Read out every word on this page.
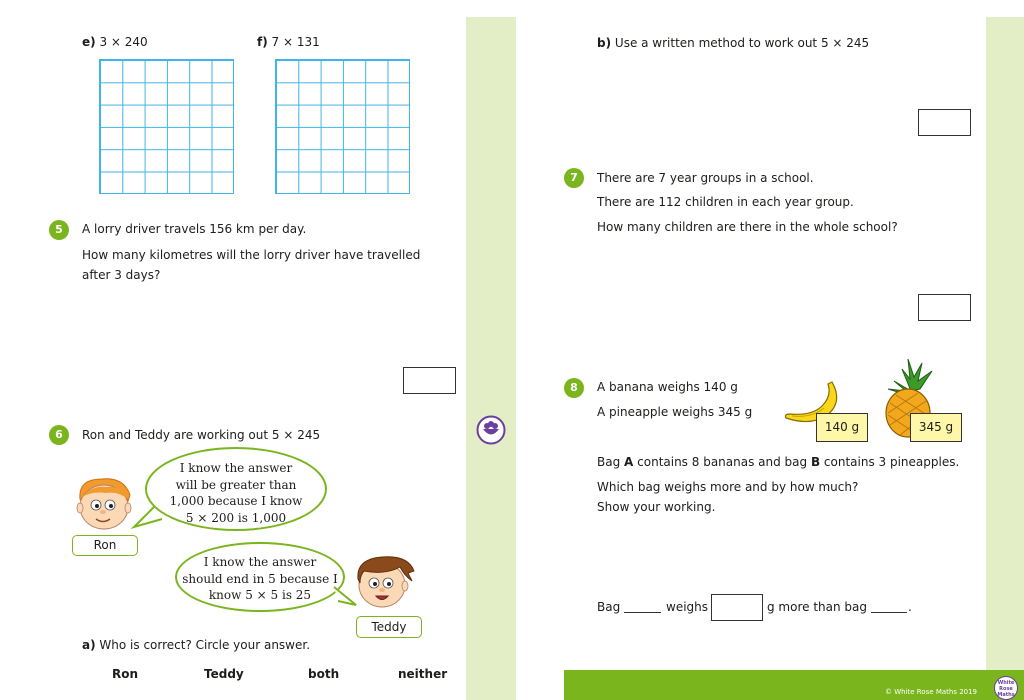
e) 3 × 240	f) 7 × 131
5	A lorry driver travels 156 km per day.
How many kilometres will the lorry driver have travelled
after 3 days?
6	Ron and Teddy are working out 5 × 245
I know the answer
will be greater than
1,000 because I know
5 × 200 is 1,000
Ron
I know the answer
should end in 5 because I
know 5 × 5 is 25
Teddy
a) Who is correct? Circle your answer.
Ron	Teddy	both	neither
b) Use a written method to work out 5 × 245
7	There are 7 year groups in a school.
There are 112 children in each year group.
How many children are there in the whole school?
8	A banana weighs 140 g
A pineapple weighs 345 g
140 g	345 g
Bag A contains 8 bananas and bag B contains 3 pineapples.
Which bag weighs more and by how much?
Show your working.
Bag	weighs	g more than bag	.
© White Rose Maths 2019
White
Rose
Maths
